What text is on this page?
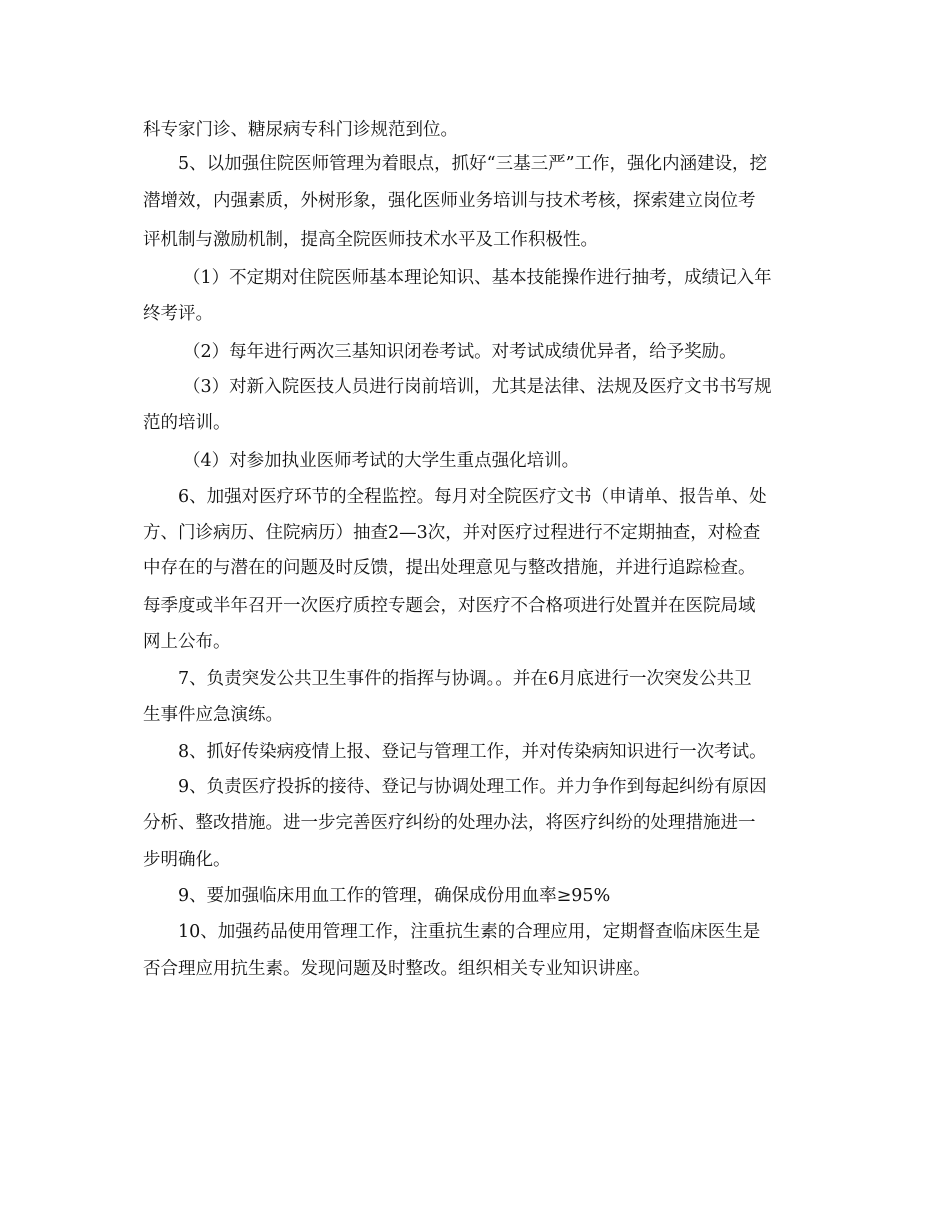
科专家门诊、糖尿病专科门诊规范到位。
5、以加强住院医师管理为着眼点，抓好“三基三严”工作，强化内涵建设，挖
潜增效，内强素质，外树形象，强化医师业务培训与技术考核，探索建立岗位考
评机制与激励机制，提高全院医师技术水平及工作积极性。
（1）不定期对住院医师基本理论知识、基本技能操作进行抽考，成绩记入年
终考评。
（2）每年进行两次三基知识闭卷考试。对考试成绩优异者，给予奖励。
（3）对新入院医技人员进行岗前培训，尤其是法律、法规及医疗文书书写规
范的培训。
（4）对参加执业医师考试的大学生重点强化培训。
6、加强对医疗环节的全程监控。每月对全院医疗文书（申请单、报告单、处
方、门诊病历、住院病历）抽查2—3次，并对医疗过程进行不定期抽查，对检查
中存在的与潜在的问题及时反馈，提出处理意见与整改措施，并进行追踪检查。
每季度或半年召开一次医疗质控专题会，对医疗不合格项进行处置并在医院局域
网上公布。
7、负责突发公共卫生事件的指挥与协调。。并在6月底进行一次突发公共卫
生事件应急演练。
8、抓好传染病疫情上报、登记与管理工作，并对传染病知识进行一次考试。
9、负责医疗投拆的接待、登记与协调处理工作。并力争作到每起纠纷有原因
分析、整改措施。进一步完善医疗纠纷的处理办法，将医疗纠纷的处理措施进一
步明确化。
9、要加强临床用血工作的管理，确保成份用血率≥95%
10、加强药品使用管理工作，注重抗生素的合理应用，定期督查临床医生是
否合理应用抗生素。发现问题及时整改。组织相关专业知识讲座。
